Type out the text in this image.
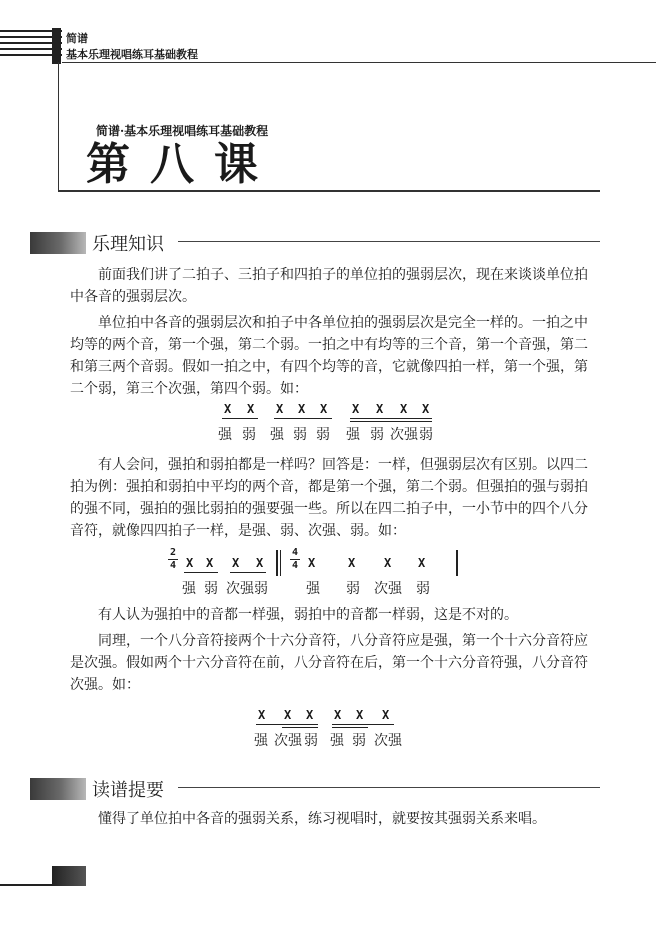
简谱
基本乐理视唱练耳基础教程
简谱·基本乐理视唱练耳基础教程
第八课
乐理知识

前面我们讲了二拍子、三拍子和四拍子的单位拍的强弱层次，现在来谈谈单位拍中各音的强弱层次。

单位拍中各音的强弱层次和拍子中各单位拍的强弱层次是完全一样的。一拍之中均等的两个音，第一个强，第二个弱。一拍之中有均等的三个音，第一个音强，第二和第三两个音弱。假如一拍之中，有四个均等的音，它就像四拍一样，第一个强，第二个弱，第三个次强，第四个弱。如：

X X X X X X X X X
强 弱 强 弱 弱 强 弱 次强 弱

有人会问，强拍和弱拍都是一样吗？回答是：一样，但强弱层次有区别。以四二拍为例：强拍和弱拍中平均的两个音，都是第一个强，第二个弱。但强拍的强与弱拍的强不同，强拍的强比弱拍的强要强一些。所以在四二拍子中，一小节中的四个八分音符，就像四四拍子一样，是强、弱、次强、弱。如：

2
4 X X X X
4
4 X	X X X
强 弱 次强 弱	强 弱 次强 弱

有人认为强拍中的音都一样强，弱拍中的音都一样弱，这是不对的。

同理，一个八分音符接两个十六分音符，八分音符应是强，第一个十六分音符应是次强。假如两个十六分音符在前，八分音符在后，第一个十六分音符强，八分音符次强。如：

X X X X X X
强 次强 弱 强 弱 次强
读谱提要

懂得了单位拍中各音的强弱关系，练习视唱时，就要按其强弱关系来唱。
